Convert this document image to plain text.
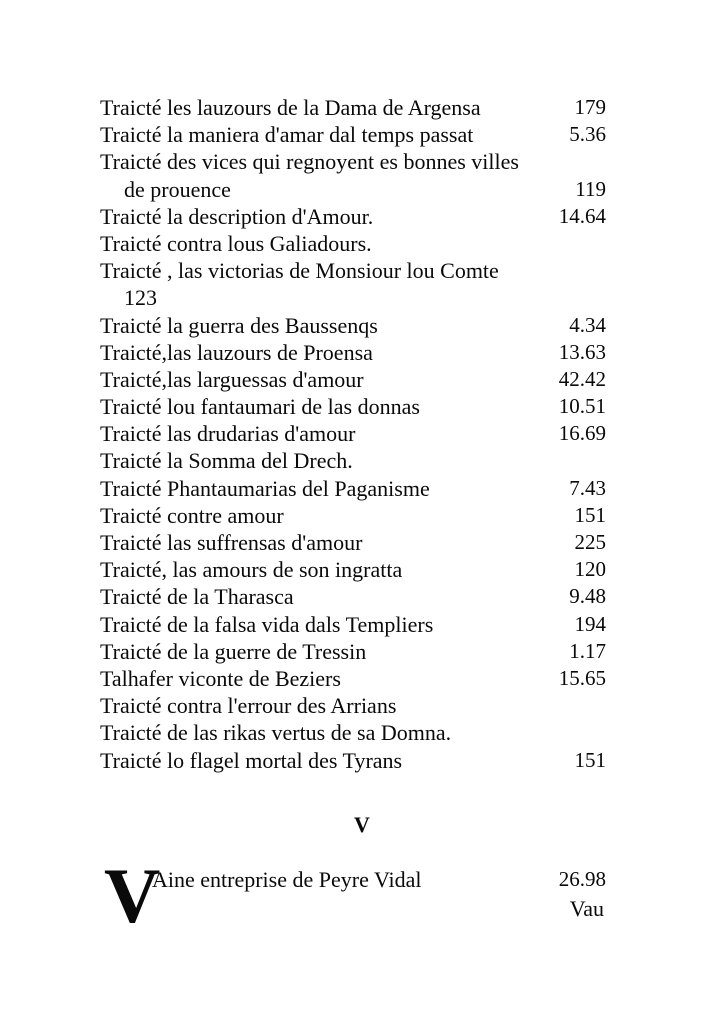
Traicté les lauzours de la Dama de Argensa	179
Traicté la maniera d'amar dal temps passat	5.36
Traicté des vices qui regnoyent es bonnes villes
de prouence	119
Traicté la description d'Amour.	14.64
Traicté contra lous Galiadours.
Traicté , las victorias de Monsiour lou Comte
123
Traicté la guerra des Baussenqs	4.34
Traicté,las lauzours de Proensa	13.63
Traicté,las larguessas d'amour	42.42
Traicté lou fantaumari de las donnas	10.51
Traicté las drudarias d'amour	16.69
Traicté la Somma del Drech.
Traicté Phantaumarias del Paganisme	7.43
Traicté contre amour	151
Traicté las suffrensas d'amour	225
Traicté, las amours de son ingratta	120
Traicté de la Tharasca	9.48
Traicté de la falsa vida dals Templiers	194
Traicté de la guerre de Tressin	1.17
Talhafer viconte de Beziers	15.65
Traicté contra l'errour des Arrians
Traicté de las rikas vertus de sa Domna.
Traicté lo flagel mortal des Tyrans	151
V
V
Aine entreprise de Peyre Vidal	26.98
Vau
